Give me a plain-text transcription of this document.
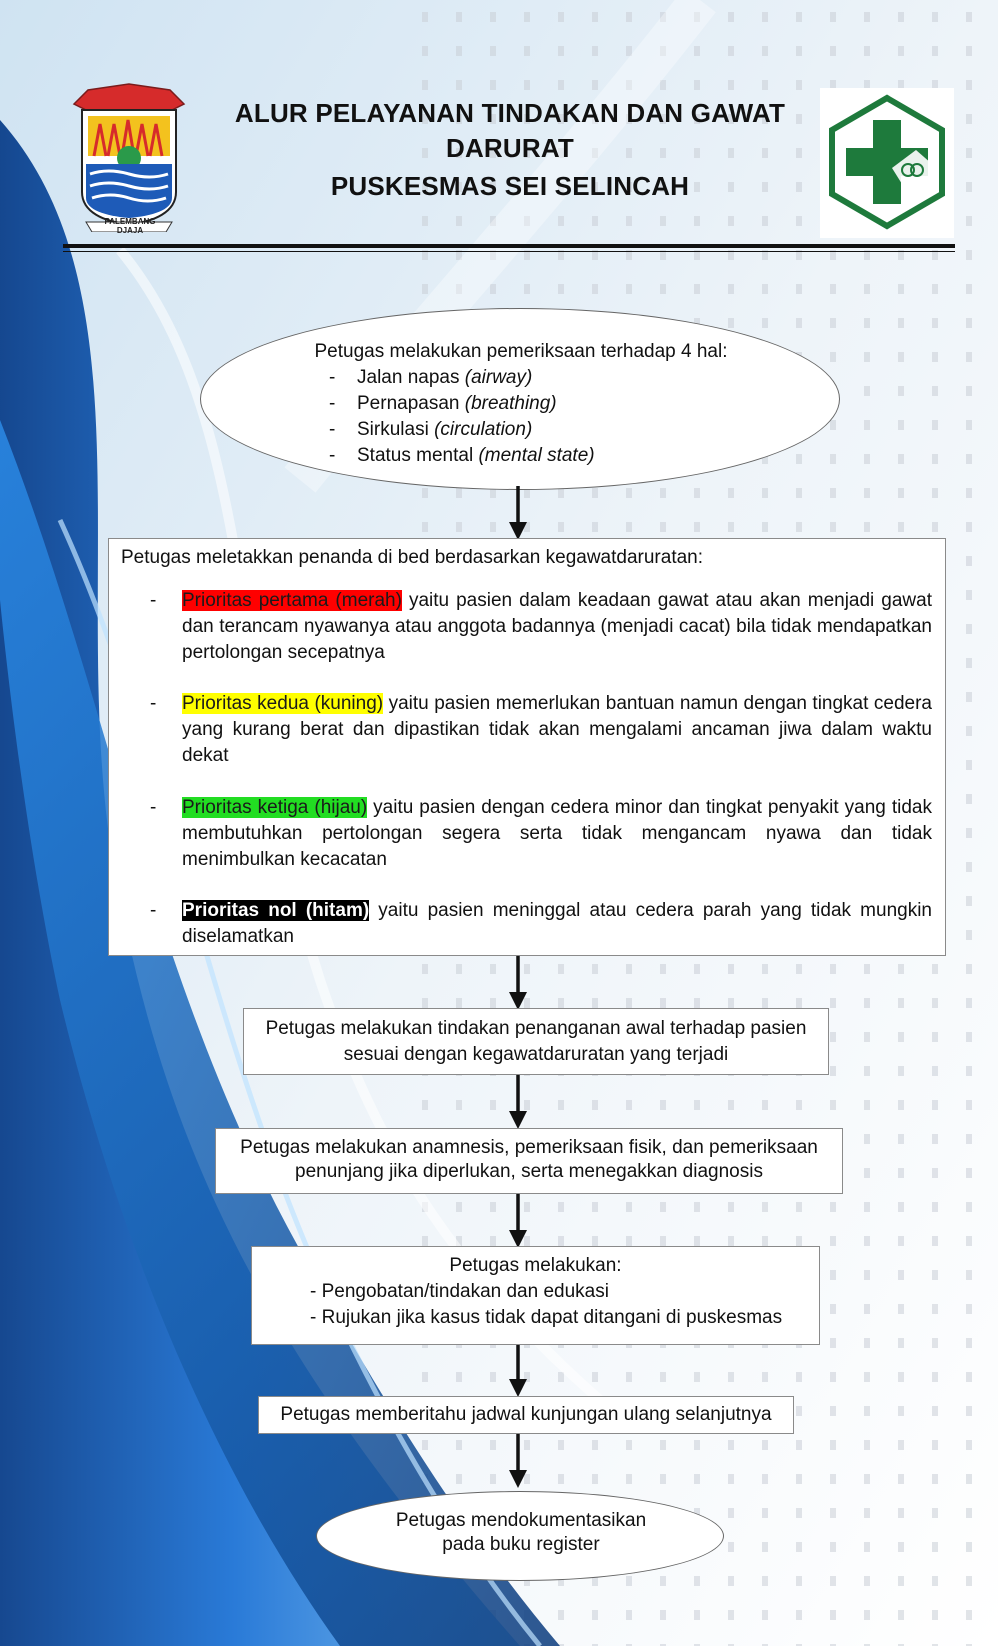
PALEMBANG DJAJA
ALUR PELAYANAN TINDAKAN DAN GAWAT
DARURAT
PUSKESMAS SEI SELINCAH
Petugas melakukan pemeriksaan terhadap 4 hal:
-	Jalan napas (airway)
-	Pernapasan (breathing)
-	Sirkulasi (circulation)
-	Status mental (mental state)
Petugas meletakkan penanda di bed berdasarkan kegawatdaruratan:
- Prioritas pertama (merah) yaitu pasien dalam keadaan gawat atau akan menjadi gawat dan terancam nyawanya atau anggota badannya (menjadi cacat) bila tidak mendapatkan pertolongan secepatnya
- Prioritas kedua (kuning) yaitu pasien memerlukan bantuan namun dengan tingkat cedera yang kurang berat dan dipastikan tidak akan mengalami ancaman jiwa dalam waktu dekat
- Prioritas ketiga (hijau) yaitu pasien dengan cedera minor dan tingkat penyakit yang tidak membutuhkan pertolongan segera serta tidak mengancam nyawa dan tidak menimbulkan kecacatan
- Prioritas nol (hitam) yaitu pasien meninggal atau cedera parah yang tidak mungkin diselamatkan
Petugas melakukan tindakan penanganan awal terhadap pasien
sesuai dengan kegawatdaruratan yang terjadi
Petugas melakukan anamnesis, pemeriksaan fisik, dan pemeriksaan
penunjang jika diperlukan, serta menegakkan diagnosis
Petugas melakukan:
- Pengobatan/tindakan dan edukasi
- Rujukan jika kasus tidak dapat ditangani di puskesmas
Petugas memberitahu jadwal kunjungan ulang selanjutnya
Petugas mendokumentasikan
pada buku register
